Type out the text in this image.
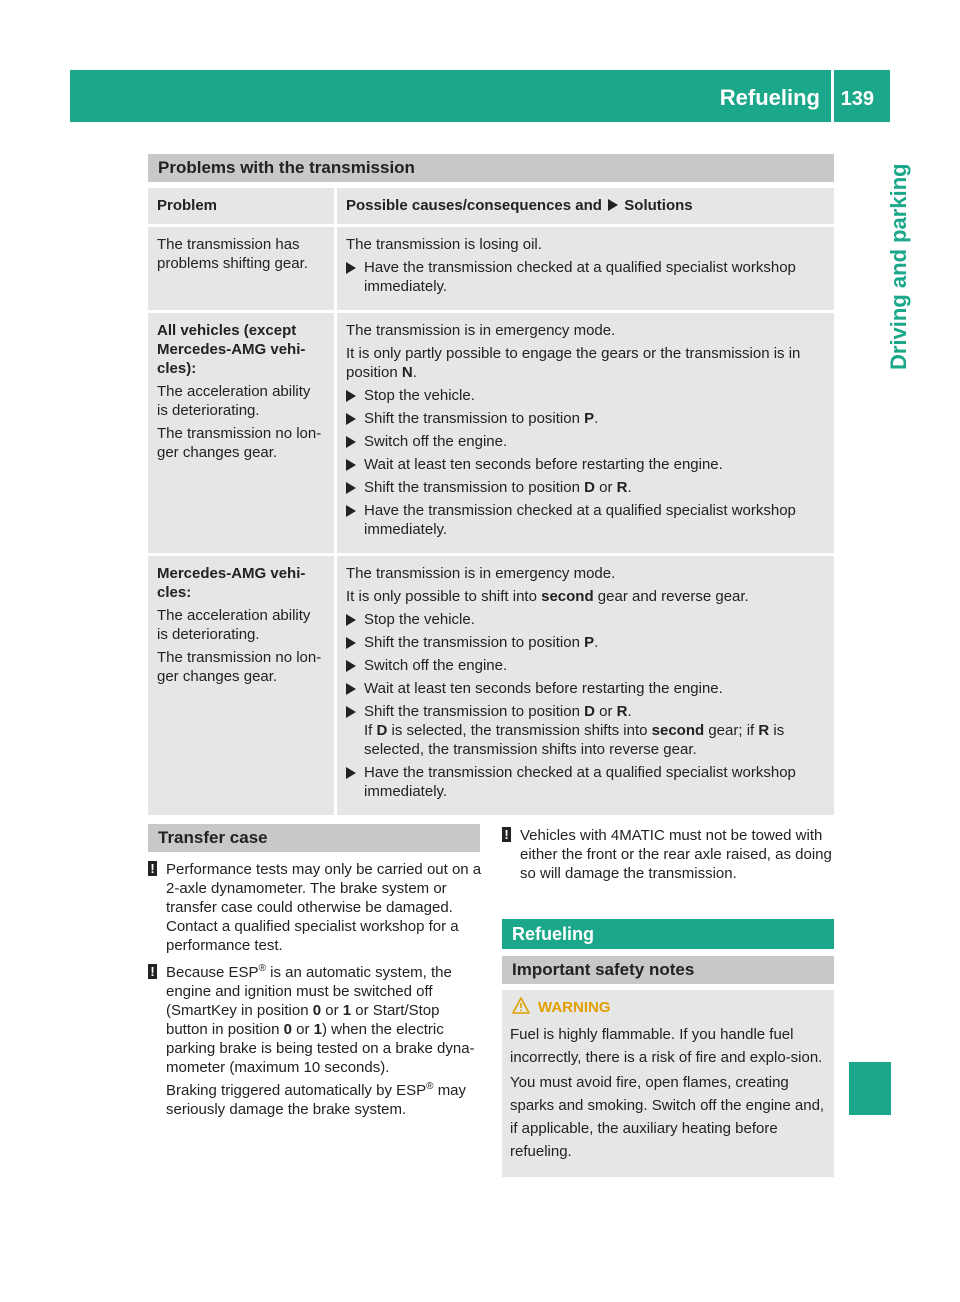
Refueling 139
Driving and parking
Problems with the transmission
Problem	Possible causes/consequences and Solutions
The transmission has
problems shifting gear.
The transmission is losing oil.
Have the transmission checked at a qualified specialist workshop immediately.
All vehicles (except Mercedes-AMG vehi-cles):
The acceleration ability is deteriorating.
The transmission no lon-ger changes gear.
The transmission is in emergency mode.
It is only partly possible to engage the gears or the transmission is in position N.
Stop the vehicle.
Shift the transmission to position P.
Switch off the engine.
Wait at least ten seconds before restarting the engine.
Shift the transmission to position D or R.
Have the transmission checked at a qualified specialist workshop immediately.
Mercedes-AMG vehi-cles:
The acceleration ability is deteriorating.
The transmission no lon-ger changes gear.
The transmission is in emergency mode.
It is only possible to shift into second gear and reverse gear.
Stop the vehicle.
Shift the transmission to position P.
Switch off the engine.
Wait at least ten seconds before restarting the engine.
Shift the transmission to position D or R.
If D is selected, the transmission shifts into second gear; if R is selected, the transmission shifts into reverse gear.
Have the transmission checked at a qualified specialist workshop immediately.
Transfer case
! Performance tests may only be carried out on a 2-axle dynamometer. The brake system or transfer case could otherwise be damaged. Contact a qualified specialist workshop for a performance test.
! Because ESP® is an automatic system, the engine and ignition must be switched off (SmartKey in position 0 or 1 or Start/Stop button in position 0 or 1) when the electric parking brake is being tested on a brake dyna-mometer (maximum 10 seconds).
Braking triggered automatically by ESP® may seriously damage the brake system.
! Vehicles with 4MATIC must not be towed with either the front or the rear axle raised, as doing so will damage the transmission.
Refueling
Important safety notes
WARNING
Fuel is highly flammable. If you handle fuel incorrectly, there is a risk of fire and explo-sion.
You must avoid fire, open flames, creating sparks and smoking. Switch off the engine and, if applicable, the auxiliary heating before refueling.
